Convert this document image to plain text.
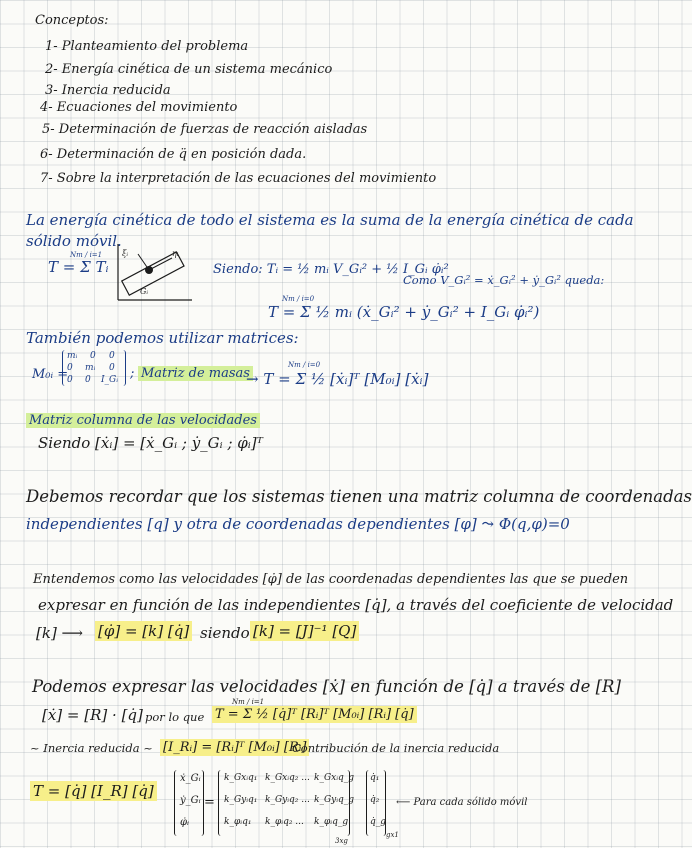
Conceptos:
1- Planteamiento del problema
2- Energía cinética de un sistema mecánico
3- Inercia reducida
4- Ecuaciones del movimiento
5- Determinación de fuerzas de reacción aisladas
6- Determinación de q̈ en posición dada.
7- Sobre la interpretación de las ecuaciones del movimiento
La energía cinética de todo el sistema es la suma de la energía cinética de cada
sólido móvil.
T = Σ Tᵢ
Nm / i=1 ξᵢ	ηᵢ
Gᵢ
Siendo: Tᵢ = ½ mᵢ V_Gᵢ² + ½ I_Gᵢ φ̇ᵢ²
Como V_Gᵢ² = ẋ_Gᵢ² + ẏ_Gᵢ² queda:
T = Σ ½ mᵢ (ẋ_Gᵢ² + ẏ_Gᵢ² + I_Gᵢ φ̇ᵢ²)
Nm / i=0
También podemos utilizar matrices:
M₀ᵢ =
mᵢ 0 0
0 mᵢ 0
0 0 I_Gᵢ ; Matriz de masas
→ T = Σ ½ [ẋᵢ]ᵀ [M₀ᵢ] [ẋᵢ]
Nm / i=0
Matriz columna de las velocidades
Siendo [ẋᵢ] = [ẋ_Gᵢ ; ẏ_Gᵢ ; φ̇ᵢ]ᵀ
Debemos recordar que los sistemas tienen una matriz columna de coordenadas
independientes [q] y otra de coordenadas dependientes [φ] ⤳ Φ(q,φ)=0
Entendemos como las velocidades [φ̇] de las coordenadas dependientes las que se pueden
expresar en función de las independientes [q̇], a través del coeficiente de velocidad
[k] ⟶ [φ̇] = [k] [q̇] siendo [k] = [J]⁻¹ [Q]
Podemos expresar las velocidades [ẋ] en función de [q̇] a través de [R]
[ẋ] = [R] · [q̇] por lo que T = Σ ½ [q̇]ᵀ [Rᵢ]ᵀ [M₀ᵢ] [Rᵢ] [q̇]
Nm / i=1
~ Inercia reducida ~ [I_Rᵢ] = [Rᵢ]ᵀ [M₀ᵢ] [Rᵢ]
Contribución de la inercia reducida
T = [q̇] [I_R] [q̇]
ẋ_Gᵢ
ẏ_Gᵢ
φ̇ᵢ
=
k_Gxᵢq₁ k_Gxᵢq₂ ... k_Gxᵢq_g
k_Gyᵢq₁ k_Gyᵢq₂ ... k_Gyᵢq_g
k_φᵢq₁ k_φᵢq₂ ... k_φᵢq_g
q̇₁
q̇₂
q̇_g
3xg
gx1
⟵ Para cada sólido móvil
